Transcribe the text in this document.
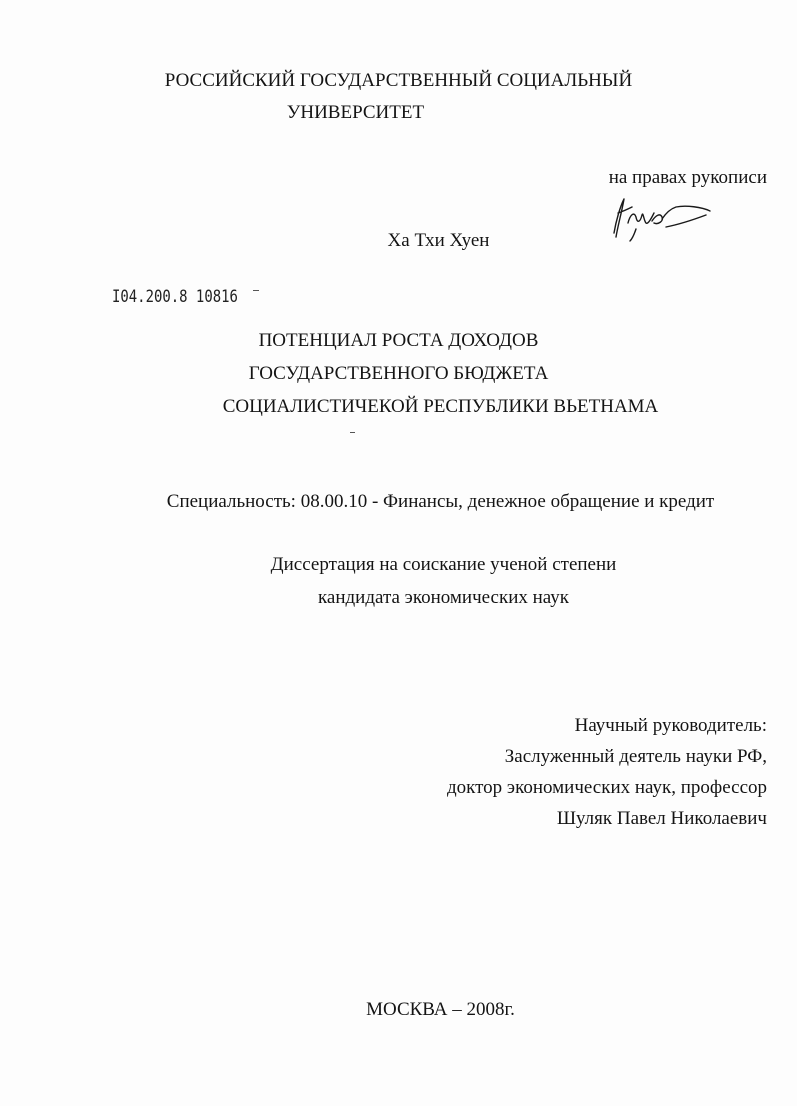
РОССИЙСКИЙ ГОСУДАРСТВЕННЫЙ СОЦИАЛЬНЫЙ
УНИВЕРСИТЕТ
на правах рукописи
Ха Тхи Хуен
I04.200.8 10816
ПОТЕНЦИАЛ РОСТА ДОХОДОВ
ГОСУДАРСТВЕННОГО БЮДЖЕТА
СОЦИАЛИСТИЧЕКОЙ РЕСПУБЛИКИ ВЬЕТНАМА
Специальность: 08.00.10 - Финансы, денежное обращение и кредит
Диссертация на соискание ученой степени
кандидата экономических наук
Научный руководитель:
Заслуженный деятель науки РФ,
доктор экономических наук, профессор
Шуляк Павел Николаевич
МОСКВА – 2008г.
